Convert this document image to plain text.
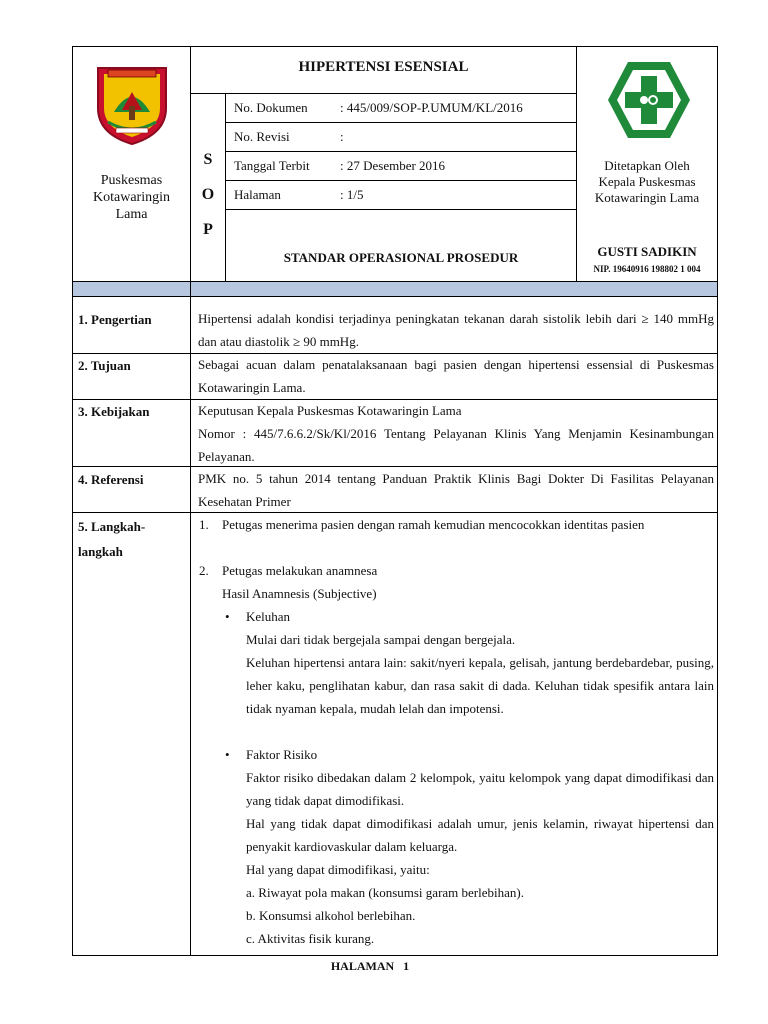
Puskesmas
Kotawaringin
Lama
HIPERTENSI ESENSIAL
S
O
P
No. Dokumen : 445/009/SOP-P.UMUM/KL/2016
No. Revisi	:
Tanggal Terbit : 27 Desember 2016
Halaman	: 1/5
STANDAR OPERASIONAL PROSEDUR
Ditetapkan Oleh
Kepala Puskesmas
Kotawaringin Lama
GUSTI SADIKIN
NIP. 19640916 198802 1 004
1. Pengertian
2. Tujuan
3. Kebijakan
4. Referensi
5. Langkah-
langkah
Hipertensi adalah kondisi terjadinya peningkatan tekanan darah sistolik lebih dari ≥ 140 mmHg dan atau diastolik ≥ 90 mmHg.
Sebagai acuan dalam penatalaksanaan bagi pasien dengan hipertensi essensial di Puskesmas Kotawaringin Lama.
Keputusan Kepala Puskesmas Kotawaringin Lama
Nomor : 445/7.6.6.2/Sk/Kl/2016 Tentang Pelayanan Klinis Yang Menjamin Kesinambungan Pelayanan.
PMK no. 5 tahun 2014 tentang Panduan Praktik Klinis Bagi Dokter Di Fasilitas Pelayanan Kesehatan Primer
1. Petugas menerima pasien dengan ramah kemudian mencocokkan identitas pasien
2. Petugas melakukan anamnesa
Hasil Anamnesis (Subjective)
• Keluhan
Mulai dari tidak bergejala sampai dengan bergejala.
Keluhan hipertensi antara lain: sakit/nyeri kepala, gelisah, jantung berdebardebar, pusing, leher kaku, penglihatan kabur, dan rasa sakit di dada. Keluhan tidak spesifik antara lain tidak nyaman kepala, mudah lelah dan impotensi.
• Faktor Risiko
Faktor risiko dibedakan dalam 2 kelompok, yaitu kelompok yang dapat dimodifikasi dan yang tidak dapat dimodifikasi.
Hal yang tidak dapat dimodifikasi adalah umur, jenis kelamin, riwayat hipertensi dan penyakit kardiovaskular dalam keluarga.
Hal yang dapat dimodifikasi, yaitu:
a. Riwayat pola makan (konsumsi garam berlebihan).
b. Konsumsi alkohol berlebihan.
c. Aktivitas fisik kurang.
HALAMAN   1
